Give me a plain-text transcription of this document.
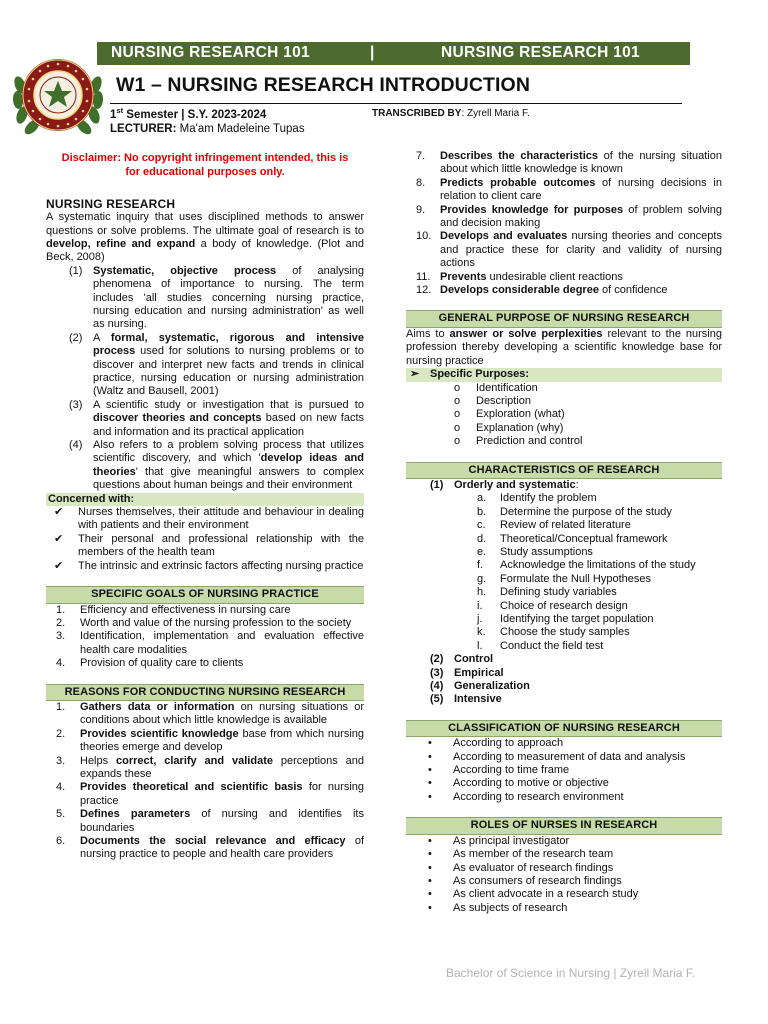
NURSING RESEARCH 101	|	NURSING RESEARCH 101
W1 – NURSING RESEARCH INTRODUCTION
1st Semester | S.Y. 2023-2024	TRANSCRIBED BY: Zyrell Maria F.
LECTURER: Ma'am Madeleine Tupas
Disclaimer: No copyright infringement intended, this is for educational purposes only.
NURSING RESEARCH

A systematic inquiry that uses disciplined methods to answer questions or solve problems. The ultimate goal of research is to develop, refine and expand a body of knowledge. (Plot and Beck, 2008)

(1) Systematic, objective process of analysing phenomena of importance to nursing. The term includes 'all studies concerning nursing practice, nursing education and nursing administration' as well as nursing.
(2) A formal, systematic, rigorous and intensive process used for solutions to nursing problems or to discover and interpret new facts and trends in clinical practice, nursing education or nursing administration (Waltz and Bausell, 2001)
(3) A scientific study or investigation that is pursued to discover theories and concepts based on new facts and information and its practical application
(4) Also refers to a problem solving process that utilizes scientific discovery, and which 'develop ideas and theories' that give meaningful answers to complex questions about human beings and their environment
Concerned with:
✔ Nurses themselves, their attitude and behaviour in dealing with patients and their environment
✔ Their personal and professional relationship with the members of the health team
✔ The intrinsic and extrinsic factors affecting nursing practice
SPECIFIC GOALS OF NURSING PRACTICE
1. Efficiency and effectiveness in nursing care
2. Worth and value of the nursing profession to the society
3. Identification, implementation and evaluation effective health care modalities
4. Provision of quality care to clients
REASONS FOR CONDUCTING NURSING RESEARCH
1. Gathers data or information on nursing situations or conditions about which little knowledge is available
2. Provides scientific knowledge base from which nursing theories emerge and develop
3. Helps correct, clarify and validate perceptions and expands these
4. Provides theoretical and scientific basis for nursing practice
5. Defines parameters of nursing and identifies its boundaries
6. Documents the social relevance and efficacy of nursing practice to people and health care providers
7. Describes the characteristics of the nursing situation about which little knowledge is known
8. Predicts probable outcomes of nursing decisions in relation to client care
9. Provides knowledge for purposes of problem solving and decision making
10. Develops and evaluates nursing theories and concepts and practice these for clarity and validity of nursing actions
11. Prevents undesirable client reactions
12. Develops considerable degree of confidence
GENERAL PURPOSE OF NURSING RESEARCH

Aims to answer or solve perplexities relevant to the nursing profession thereby developing a scientific knowledge base for nursing practice

➢ Specific Purposes:
o Identification
o Description
o Exploration (what)
o Explanation (why)
o Prediction and control
CHARACTERISTICS OF RESEARCH
(1) Orderly and systematic:
a. Identify the problem
b. Determine the purpose of the study
c. Review of related literature
d. Theoretical/Conceptual framework
e. Study assumptions
f. Acknowledge the limitations of the study
g. Formulate the Null Hypotheses
h. Defining study variables
i. Choice of research design
j. Identifying the target population
k. Choose the study samples
l. Conduct the field test
(2) Control
(3) Empirical
(4) Generalization
(5) Intensive
CLASSIFICATION OF NURSING RESEARCH
• According to approach
• According to measurement of data and analysis
• According to time frame
• According to motive or objective
• According to research environment
ROLES OF NURSES IN RESEARCH
• As principal investigator
• As member of the research team
• As evaluator of research findings
• As consumers of research findings
• As client advocate in a research study
• As subjects of research
Bachelor of Science in Nursing | Zyrell Maria F.
